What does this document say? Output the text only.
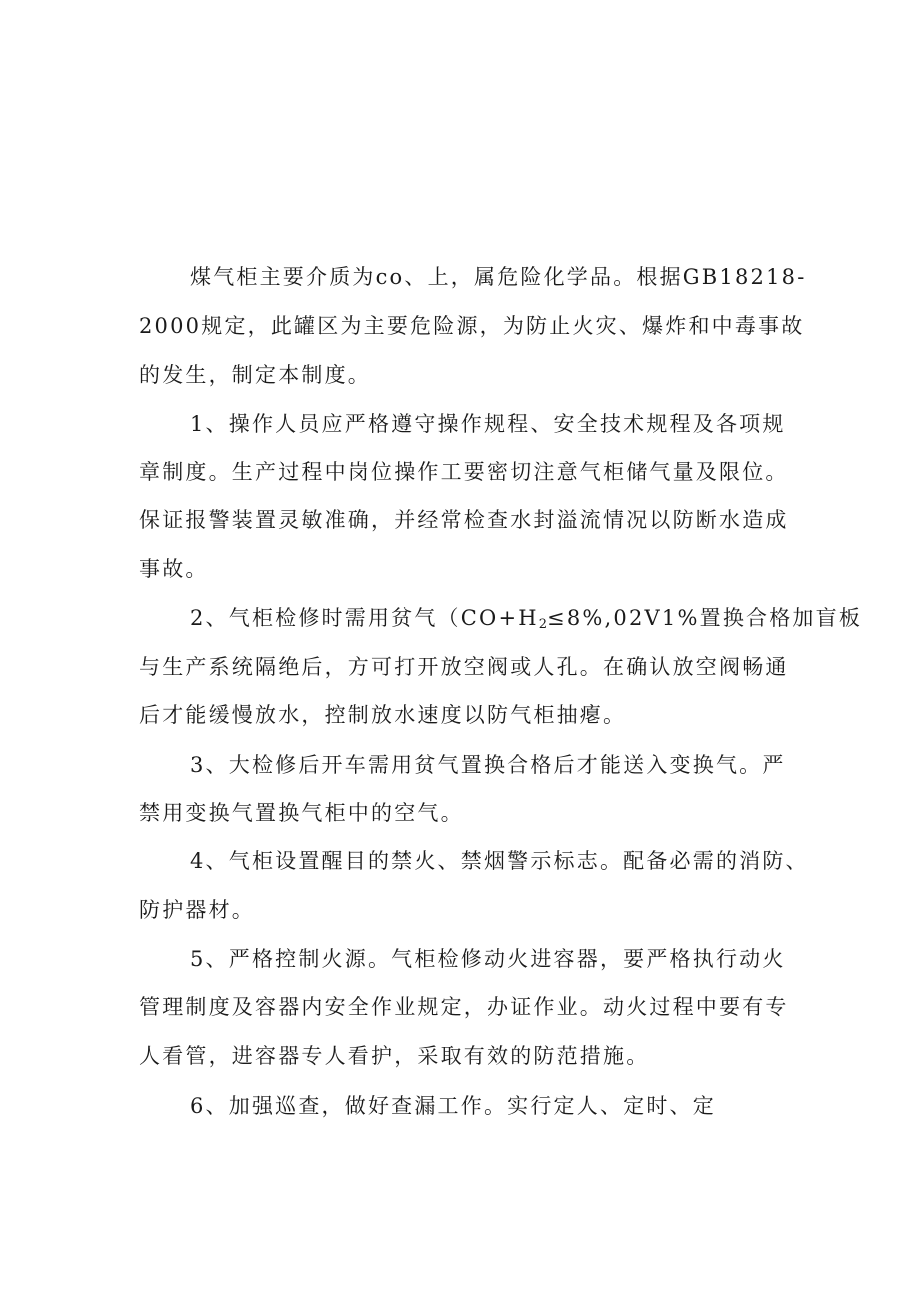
煤气柜主要介质为co、上，属危险化学品。根据GB18218-
2000规定，此罐区为主要危险源，为防止火灾、爆炸和中毒事故
的发生，制定本制度。
1、操作人员应严格遵守操作规程、安全技术规程及各项规
章制度。生产过程中岗位操作工要密切注意气柜储气量及限位。
保证报警装置灵敏准确，并经常检查水封溢流情况以防断水造成
事故。
2、气柜检修时需用贫气（$CO+H_2\le 8\%,02V1\%$置换合格加盲板
与生产系统隔绝后，方可打开放空阀或人孔。在确认放空阀畅通
后才能缓慢放水，控制放水速度以防气柜抽瘪。
3、大检修后开车需用贫气置换合格后才能送入变换气。严
禁用变换气置换气柜中的空气。
4、气柜设置醒目的禁火、禁烟警示标志。配备必需的消防、
防护器材。
5、严格控制火源。气柜检修动火进容器，要严格执行动火
管理制度及容器内安全作业规定，办证作业。动火过程中要有专
人看管，进容器专人看护，采取有效的防范措施。
6、加强巡查，做好查漏工作。实行定人、定时、定
